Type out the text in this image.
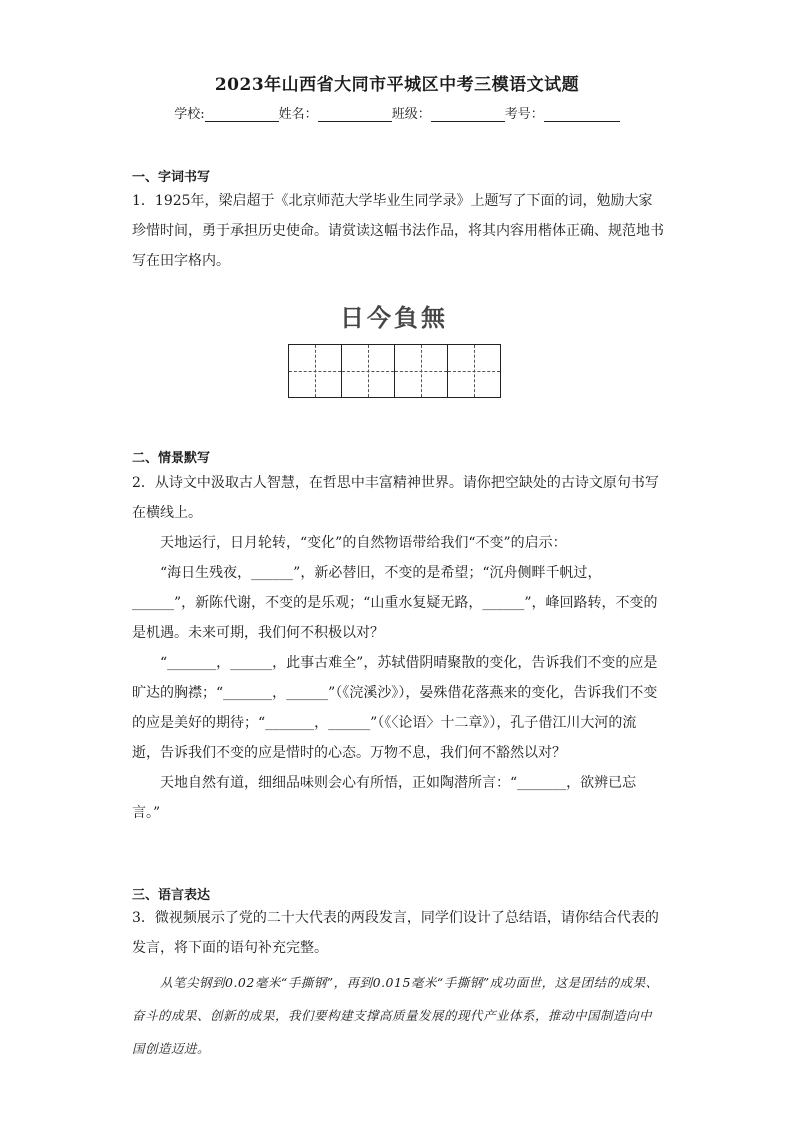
2023年山西省大同市平城区中考三模语文试题
学校:	姓名：	班级：	考号：
一、字词书写

1．1925年，梁启超于《北京师范大学毕业生同学录》上题写了下面的词，勉励大家珍惜时间，勇于承担历史使命。请赏读这幅书法作品，将其内容用楷体正确、规范地书写在田字格内。

日今負無
二、情景默写

2．从诗文中汲取古人智慧，在哲思中丰富精神世界。请你把空缺处的古诗文原句书写在横线上。

天地运行，日月轮转，“变化”的自然物语带给我们“不变”的启示：

“海日生残夜，______”，新必替旧，不变的是希望；“沉舟侧畔千帆过，______”，新陈代谢，不变的是乐观；“山重水复疑无路，______”，峰回路转，不变的是机遇。未来可期，我们何不积极以对？

“_______，______，此事古难全”，苏轼借阴晴聚散的变化，告诉我们不变的应是旷达的胸襟；“_______，______”（《浣溪沙》），晏殊借花落燕来的变化，告诉我们不变的应是美好的期待；“_______，______”（《〈论语〉十二章》），孔子借江川大河的流逝，告诉我们不变的应是惜时的心态。万物不息，我们何不豁然以对？

天地自然有道，细细品味则会心有所悟，正如陶潜所言：“_______，欲辨已忘言。”

三、语言表达

3．微视频展示了党的二十大代表的两段发言，同学们设计了总结语，请你结合代表的发言，将下面的语句补充完整。

从笔尖钢到0.02毫米“手撕钢”，再到0.015毫米“手撕钢”成功面世，这是团结的成果、奋斗的成果、创新的成果，我们要构建支撑高质量发展的现代产业体系，推动中国制造向中国创造迈进。
